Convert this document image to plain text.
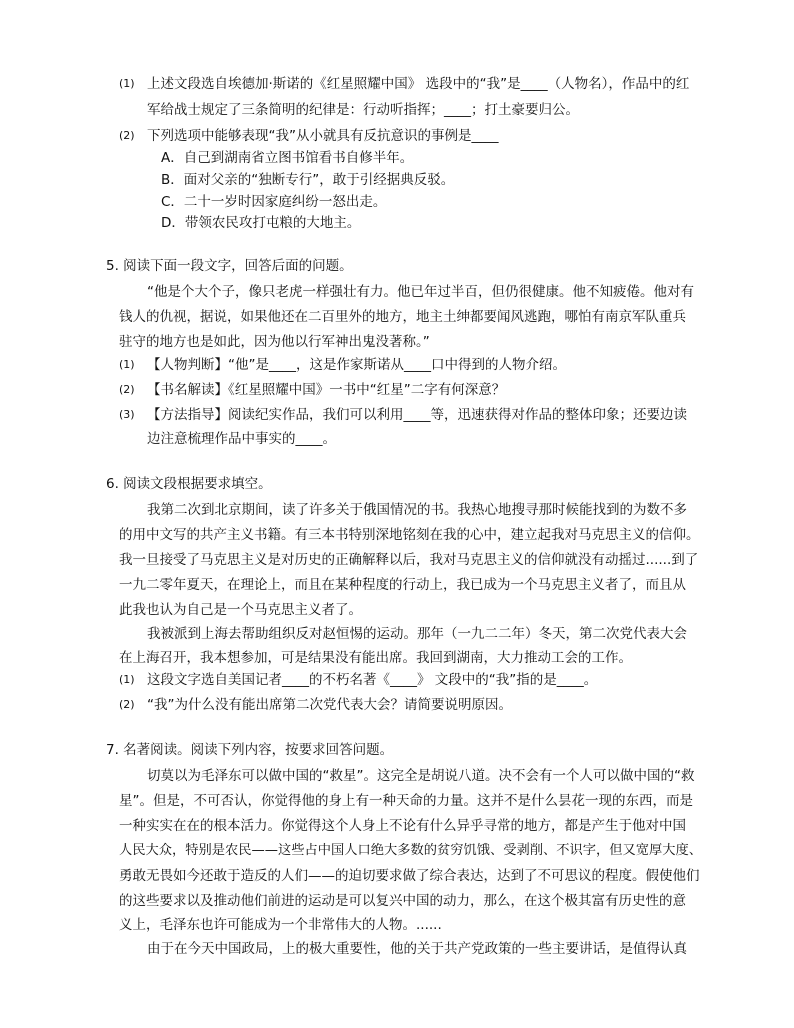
(1) 上述文段选自埃德加·斯诺的《红星照耀中国》 选段中的“我”是____（人物名），作品中的红
军给战士规定了三条简明的纪律是：行动听指挥；____；打土豪要归公。
(2) 下列选项中能够表现“我”从小就具有反抗意识的事例是____
A．自己到湖南省立图书馆看书自修半年。
B．面对父亲的“独断专行”，敢于引经据典反驳。
C．二十一岁时因家庭纠纷一怒出走。
D．带领农民攻打屯粮的大地主。
5. 阅读下面一段文字，回答后面的问题。
“他是个大个子，像只老虎一样强壮有力。他已年过半百，但仍很健康。他不知疲倦。他对有
钱人的仇视，据说，如果他还在二百里外的地方，地主土绅都要闻风逃跑，哪怕有南京军队重兵
驻守的地方也是如此，因为他以行军神出鬼没著称。”
(1) 【人物判断】“他”是____，这是作家斯诺从____口中得到的人物介绍。
(2) 【书名解读】《红星照耀中国》一书中“红星”二字有何深意？
(3) 【方法指导】阅读纪实作品，我们可以利用____等，迅速获得对作品的整体印象；还要边读
边注意梳理作品中事实的____。
6. 阅读文段根据要求填空。
我第二次到北京期间，读了许多关于俄国情况的书。我热心地搜寻那时候能找到的为数不多
的用中文写的共产主义书籍。有三本书特别深地铭刻在我的心中，建立起我对马克思主义的信仰。
我一旦接受了马克思主义是对历史的正确解释以后，我对马克思主义的信仰就没有动摇过......到了
一九二零年夏天，在理论上，而且在某种程度的行动上，我已成为一个马克思主义者了，而且从
此我也认为自己是一个马克思主义者了。
我被派到上海去帮助组织反对赵恒惕的运动。那年（一九二二年）冬天，第二次党代表大会
在上海召开，我本想参加，可是结果没有能出席。我回到湖南，大力推动工会的工作。
(1) 这段文字选自美国记者____的不朽名著《____》 文段中的“我”指的是____。
(2) “我”为什么没有能出席第二次党代表大会？请简要说明原因。
7. 名著阅读。阅读下列内容，按要求回答问题。
切莫以为毛泽东可以做中国的“救星”。这完全是胡说八道。决不会有一个人可以做中国的“救
星”。但是，不可否认，你觉得他的身上有一种天命的力量。这并不是什么昙花一现的东西，而是
一种实实在在的根本活力。你觉得这个人身上不论有什么异乎寻常的地方，都是产生于他对中国
人民大众，特别是农民——这些占中国人口绝大多数的贫穷饥饿、受剥削、不识字，但又宽厚大度、
勇敢无畏如今还敢于造反的人们——的迫切要求做了综合表达，达到了不可思议的程度。假使他们
的这些要求以及推动他们前进的运动是可以复兴中国的动力，那么，在这个极其富有历史性的意
义上，毛泽东也许可能成为一个非常伟大的人物。......
由于在今天中国政局，上的极大重要性，他的关于共产党政策的一些主要讲话，是值得认真
